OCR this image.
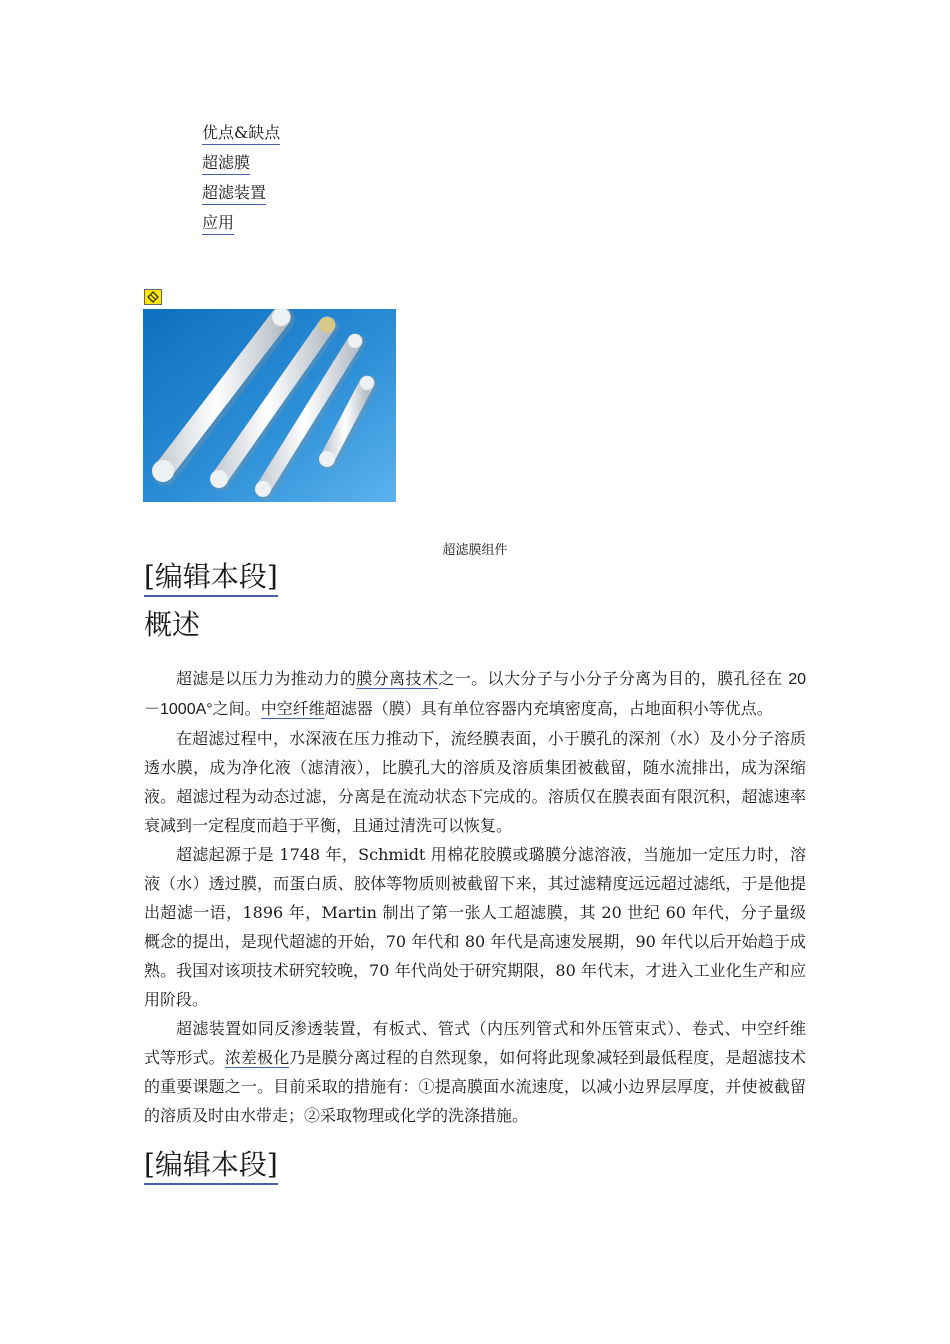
优点&缺点
超滤膜
超滤装置
应用
超滤膜组件
[编辑本段]
概述

超滤是以压力为推动力的膜分离技术之一。以大分子与小分子分离为目的，膜孔径在 20－1000A°之间。中空纤维超滤器（膜）具有单位容器内充填密度高，占地面积小等优点。

在超滤过程中，水深液在压力推动下，流经膜表面，小于膜孔的深剂（水）及小分子溶质透水膜，成为净化液（滤清液），比膜孔大的溶质及溶质集团被截留，随水流排出，成为深缩液。超滤过程为动态过滤，分离是在流动状态下完成的。溶质仅在膜表面有限沉积，超滤速率衰减到一定程度而趋于平衡，且通过清洗可以恢复。

超滤起源于是 1748 年，Schmidt 用棉花胶膜或璐膜分滤溶液，当施加一定压力时，溶液（水）透过膜，而蛋白质、胶体等物质则被截留下来，其过滤精度远远超过滤纸，于是他提出超滤一语，1896 年，Martin 制出了第一张人工超滤膜，其 20 世纪 60 年代，分子量级概念的提出，是现代超滤的开始，70 年代和 80 年代是高速发展期，90 年代以后开始趋于成熟。我国对该项技术研究较晚，70 年代尚处于研究期限，80 年代末，才进入工业化生产和应用阶段。

超滤装置如同反渗透装置，有板式、管式（内压列管式和外压管束式）、卷式、中空纤维式等形式。浓差极化乃是膜分离过程的自然现象，如何将此现象减轻到最低程度，是超滤技术的重要课题之一。目前采取的措施有：①提高膜面水流速度，以减小边界层厚度，并使被截留的溶质及时由水带走；②采取物理或化学的洗涤措施。

[编辑本段]
